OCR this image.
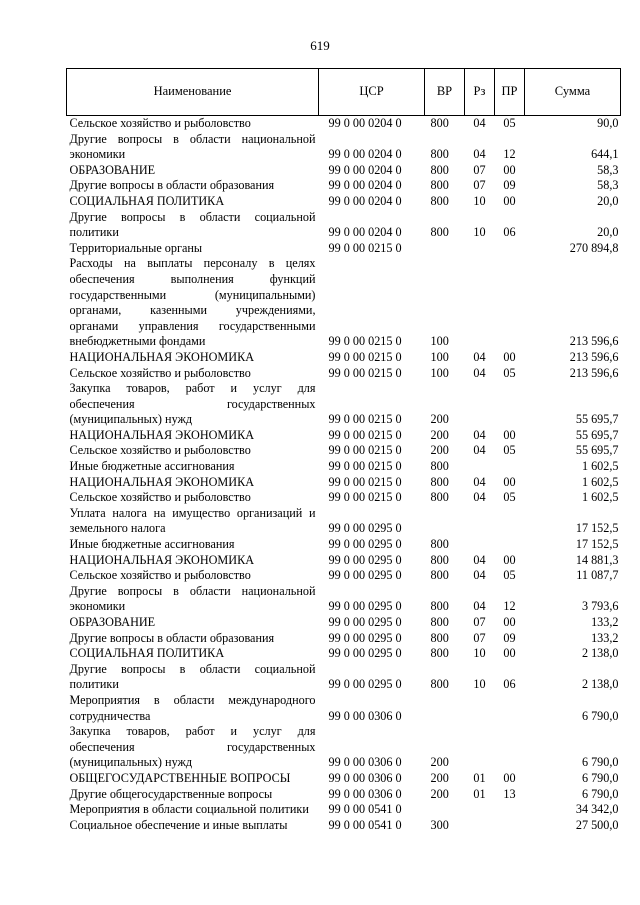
619
Наименование	ЦСР	ВР	Рз	ПР	Сумма
Сельское хозяйство и рыболовство	99 0 00 0204 0	800	04	05	90,0
Другие вопросы в области национальной экономики	99 0 00 0204 0	800	04	12	644,1
ОБРАЗОВАНИЕ	99 0 00 0204 0	800	07	00	58,3
Другие вопросы в области образования	99 0 00 0204 0	800	07	09	58,3
СОЦИАЛЬНАЯ ПОЛИТИКА	99 0 00 0204 0	800	10	00	20,0
Другие вопросы в области социальной политики	99 0 00 0204 0	800	10	06	20,0
Территориальные органы	99 0 00 0215 0				270 894,8
Расходы на выплаты персоналу в целях обеспечения выполнения функций государственными (муниципальными) органами, казенными учреждениями, органами управления государственными внебюджетными фондами	99 0 00 0215 0	100			213 596,6
НАЦИОНАЛЬНАЯ ЭКОНОМИКА	99 0 00 0215 0	100	04	00	213 596,6
Сельское хозяйство и рыболовство	99 0 00 0215 0	100	04	05	213 596,6
Закупка товаров, работ и услуг для обеспечения государственных (муниципальных) нужд	99 0 00 0215 0	200			55 695,7
НАЦИОНАЛЬНАЯ ЭКОНОМИКА	99 0 00 0215 0	200	04	00	55 695,7
Сельское хозяйство и рыболовство	99 0 00 0215 0	200	04	05	55 695,7
Иные бюджетные ассигнования	99 0 00 0215 0	800			1 602,5
НАЦИОНАЛЬНАЯ ЭКОНОМИКА	99 0 00 0215 0	800	04	00	1 602,5
Сельское хозяйство и рыболовство	99 0 00 0215 0	800	04	05	1 602,5
Уплата налога на имущество организаций и земельного налога	99 0 00 0295 0				17 152,5
Иные бюджетные ассигнования	99 0 00 0295 0	800			17 152,5
НАЦИОНАЛЬНАЯ ЭКОНОМИКА	99 0 00 0295 0	800	04	00	14 881,3
Сельское хозяйство и рыболовство	99 0 00 0295 0	800	04	05	11 087,7
Другие вопросы в области национальной экономики	99 0 00 0295 0	800	04	12	3 793,6
ОБРАЗОВАНИЕ	99 0 00 0295 0	800	07	00	133,2
Другие вопросы в области образования	99 0 00 0295 0	800	07	09	133,2
СОЦИАЛЬНАЯ ПОЛИТИКА	99 0 00 0295 0	800	10	00	2 138,0
Другие вопросы в области социальной политики	99 0 00 0295 0	800	10	06	2 138,0
Мероприятия в области международного сотрудничества	99 0 00 0306 0				6 790,0
Закупка товаров, работ и услуг для обеспечения государственных (муниципальных) нужд	99 0 00 0306 0	200			6 790,0
ОБЩЕГОСУДАРСТВЕННЫЕ ВОПРОСЫ	99 0 00 0306 0	200	01	00	6 790,0
Другие общегосударственные вопросы	99 0 00 0306 0	200	01	13	6 790,0
Мероприятия в области социальной политики	99 0 00 0541 0				34 342,0
Социальное обеспечение и иные выплаты	99 0 00 0541 0	300			27 500,0
